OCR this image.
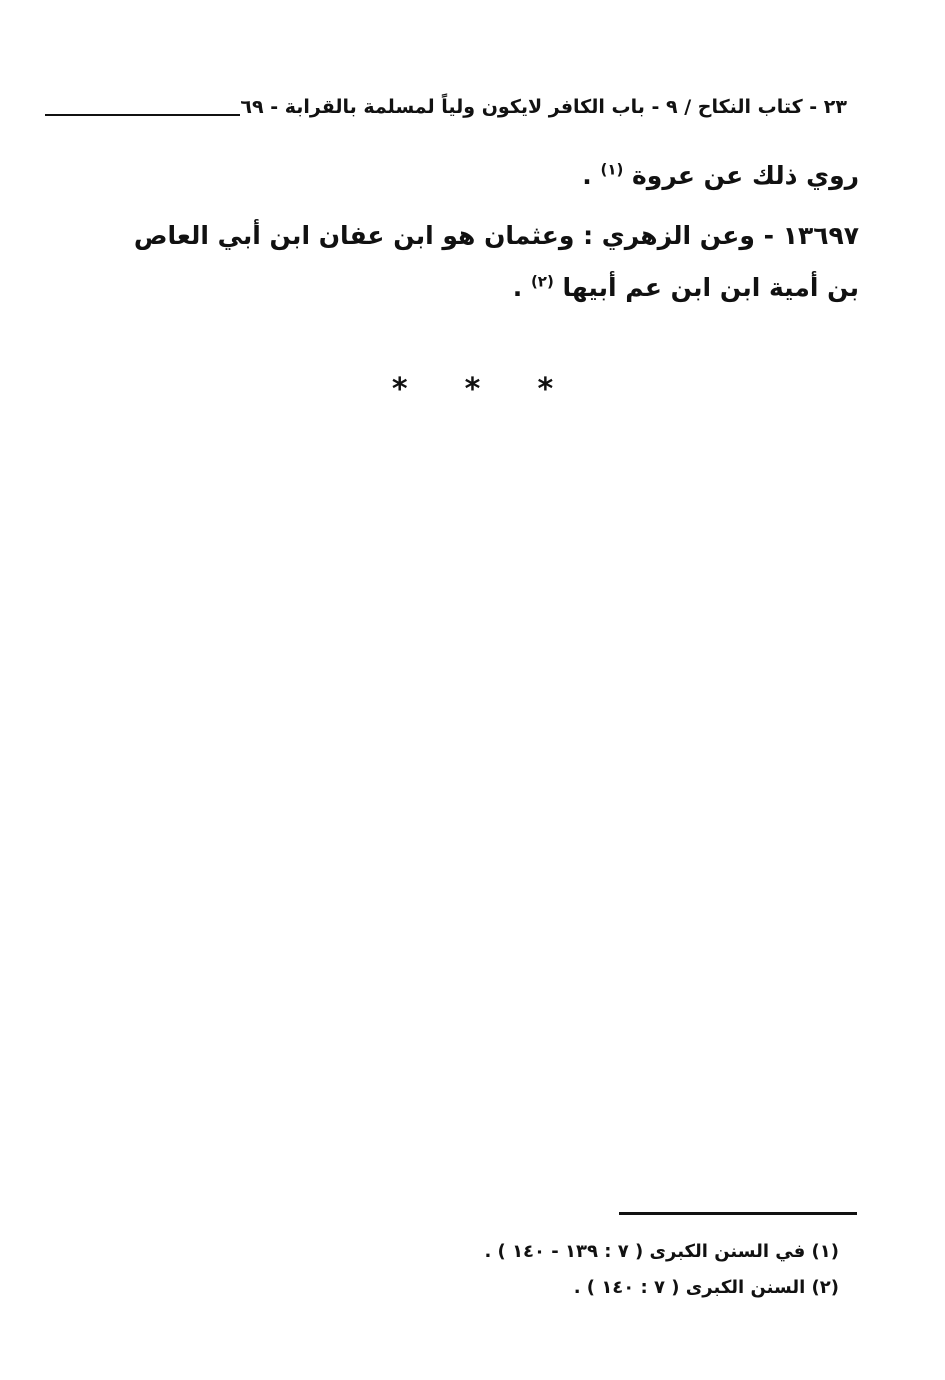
٢٣ - كتاب النكاح / ٩ - باب الكافر لايكون ولياً لمسلمة بالقرابة - ٦٩

روي ذلك عن عروة $^{(١)}$ .

١٣٦٩٧ - وعن الزهري : وعثمان هو ابن عفان ابن أبي العاص بن أمية ابن ابن عم أبيها $^{(٢)}$ .

* * *

(١) في السنن الكبرى ( ٧ : ١٣٩ - ١٤٠ ) .

(٢) السنن الكبرى ( ٧ : ١٤٠ ) .
